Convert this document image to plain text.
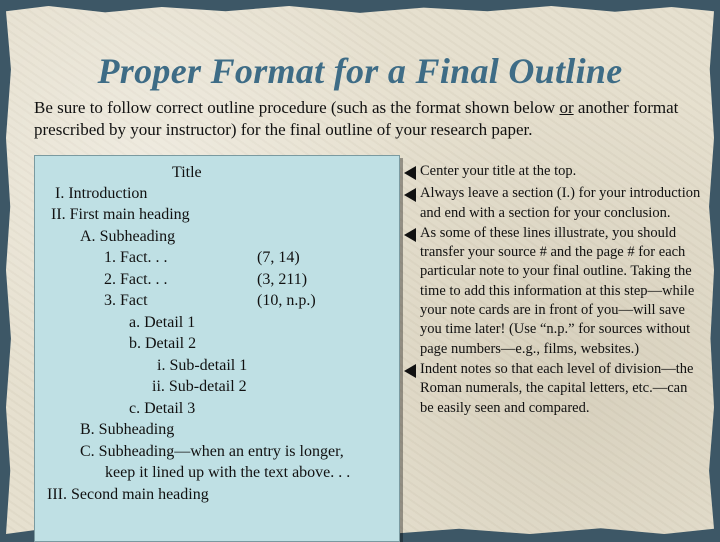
Proper Format for a Final Outline
Be sure to follow correct outline procedure (such as the format shown below or another format prescribed by your instructor) for the final outline of your research paper.
Title
I. Introduction
II. First main heading
A. Subheading
1. Fact. . .	(7, 14)
2. Fact. . .	(3, 211)
3. Fact	(10, n.p.)
a. Detail 1
b. Detail 2
i. Sub-detail 1
ii. Sub-detail 2
c. Detail 3
B. Subheading
C. Subheading—when an entry is longer,
keep it lined up with the text above. . .
III. Second main heading
Center your title at the top.
Always leave a section (I.) for your introduction and end with a section for your conclusion.
As some of these lines illustrate, you should transfer your source # and the page # for each particular note to your final outline. Taking the time to add this information at this step—while your note cards are in front of you—will save you time later! (Use “n.p.” for sources without page numbers—e.g., films, websites.)
Indent notes so that each level of division—the Roman numerals, the capital letters, etc.—can be easily seen and compared.
